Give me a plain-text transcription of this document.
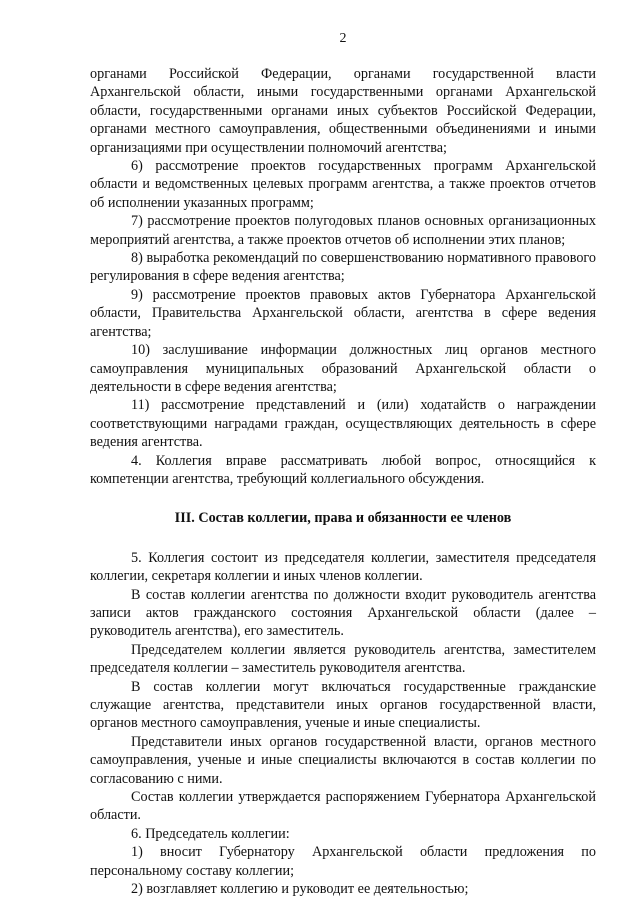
2

органами Российской Федерации, органами государственной власти Архангельской области, иными государственными органами Архангельской области, государственными органами иных субъектов Российской Федерации, органами местного самоуправления, общественными объединениями и иными организациями при осуществлении полномочий агентства;

6) рассмотрение проектов государственных программ Архангельской области и ведомственных целевых программ агентства, а также проектов отчетов об исполнении указанных программ;

7) рассмотрение проектов полугодовых планов основных организационных мероприятий агентства, а также проектов отчетов об исполнении этих планов;

8) выработка рекомендаций по совершенствованию нормативного правового регулирования в сфере ведения агентства;

9) рассмотрение проектов правовых актов Губернатора Архангельской области, Правительства Архангельской области, агентства в сфере ведения агентства;

10) заслушивание информации должностных лиц органов местного самоуправления муниципальных образований Архангельской области о деятельности в сфере ведения агентства;

11) рассмотрение представлений и (или) ходатайств о награждении соответствующими наградами граждан, осуществляющих деятельность в сфере ведения агентства.

4. Коллегия вправе рассматривать любой вопрос, относящийся к компетенции агентства, требующий коллегиального обсуждения.

III. Состав коллегии, права и обязанности ее членов

5. Коллегия состоит из председателя коллегии, заместителя председателя коллегии, секретаря коллегии и иных членов коллегии.

В состав коллегии агентства по должности входит руководитель агентства записи актов гражданского состояния Архангельской области (далее – руководитель агентства), его заместитель.

Председателем коллегии является руководитель агентства, заместителем председателя коллегии – заместитель руководителя агентства.

В состав коллегии могут включаться государственные гражданские служащие агентства, представители иных органов государственной власти, органов местного самоуправления, ученые и иные специалисты.

Представители иных органов государственной власти, органов местного самоуправления, ученые и иные специалисты включаются в состав коллегии по согласованию с ними.

Состав коллегии утверждается распоряжением Губернатора Архангельской области.

6. Председатель коллегии:

1) вносит Губернатору Архангельской области предложения по персональному составу коллегии;

2) возглавляет коллегию и руководит ее деятельностью;
